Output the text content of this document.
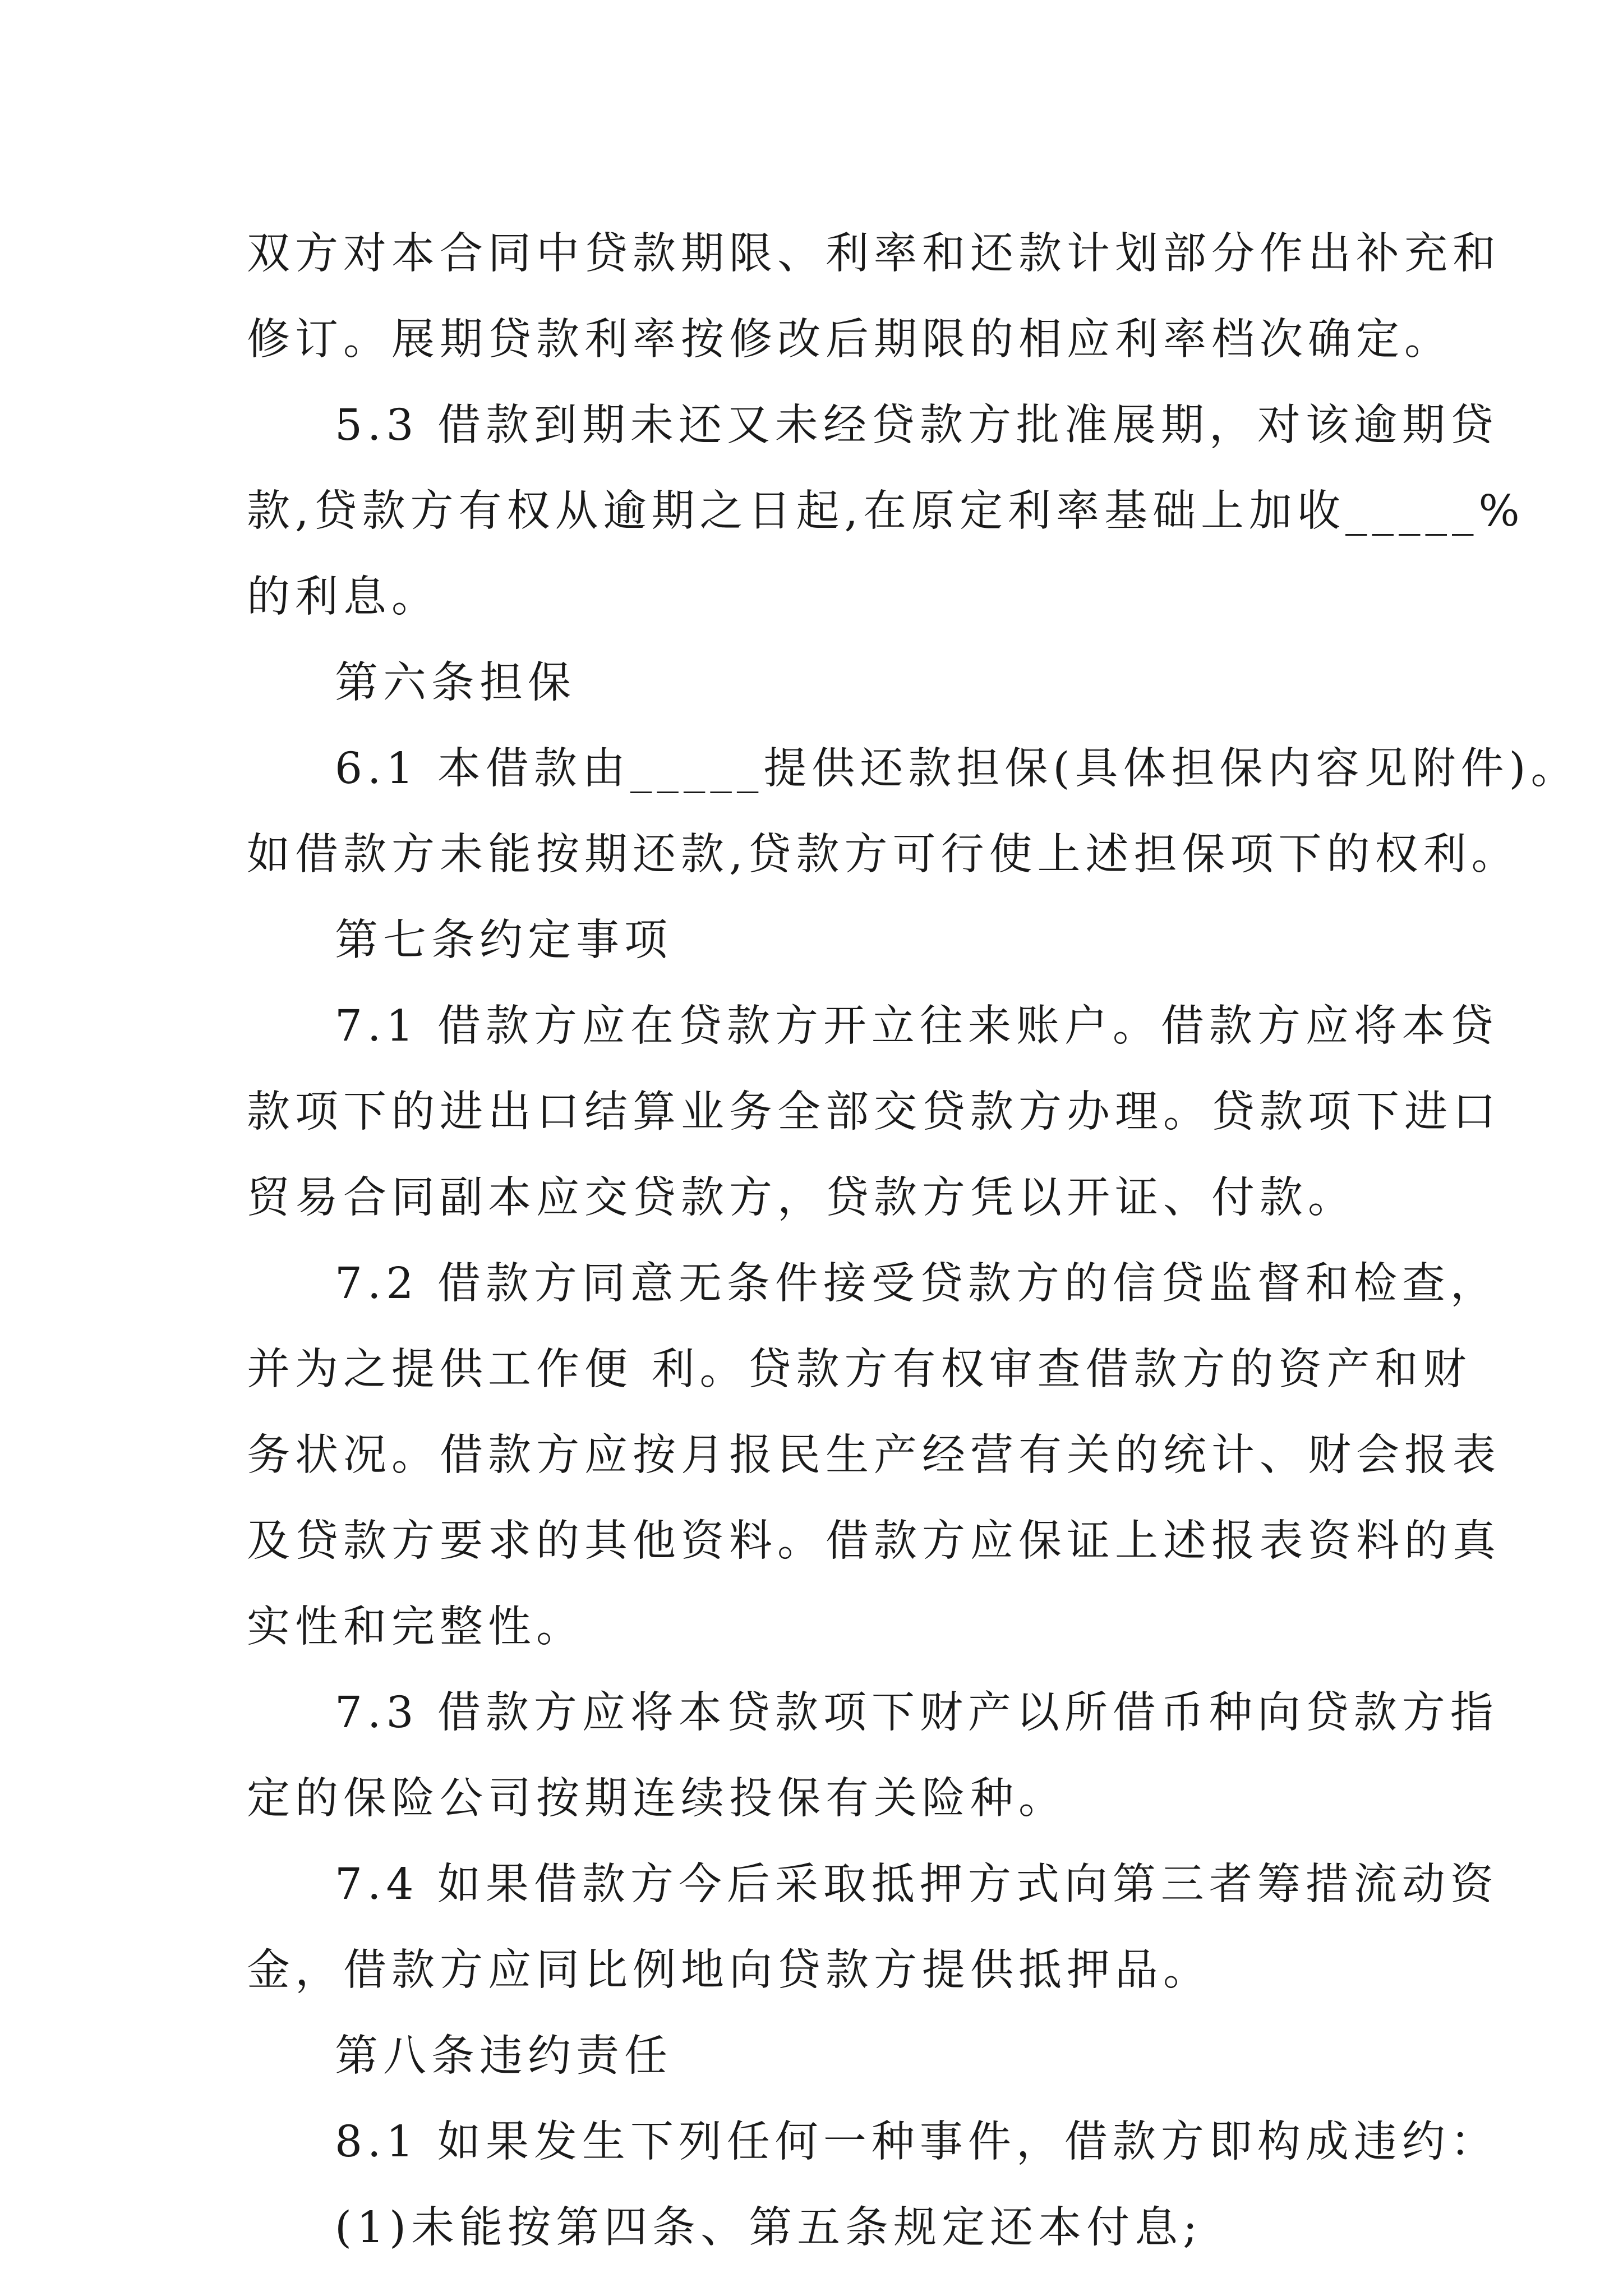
双方对本合同中贷款期限、利率和还款计划部分作出补充和
修订。展期贷款利率按修改后期限的相应利率档次确定。
5.3 借款到期未还又未经贷款方批准展期，对该逾期贷
款,贷款方有权从逾期之日起,在原定利率基础上加收_____%
的利息。
第六条担保
6.1 本借款由_____提供还款担保(具体担保内容见附件)。
如借款方未能按期还款,贷款方可行使上述担保项下的权利。
第七条约定事项
7.1 借款方应在贷款方开立往来账户。借款方应将本贷
款项下的进出口结算业务全部交贷款方办理。贷款项下进口
贸易合同副本应交贷款方，贷款方凭以开证、付款。
7.2 借款方同意无条件接受贷款方的信贷监督和检查，
并为之提供工作便 利。贷款方有权审查借款方的资产和财
务状况。借款方应按月报民生产经营有关的统计、财会报表
及贷款方要求的其他资料。借款方应保证上述报表资料的真
实性和完整性。
7.3 借款方应将本贷款项下财产以所借币种向贷款方指
定的保险公司按期连续投保有关险种。
7.4 如果借款方今后采取抵押方式向第三者筹措流动资
金，借款方应同比例地向贷款方提供抵押品。
第八条违约责任
8.1 如果发生下列任何一种事件，借款方即构成违约：
(1)未能按第四条、第五条规定还本付息;
